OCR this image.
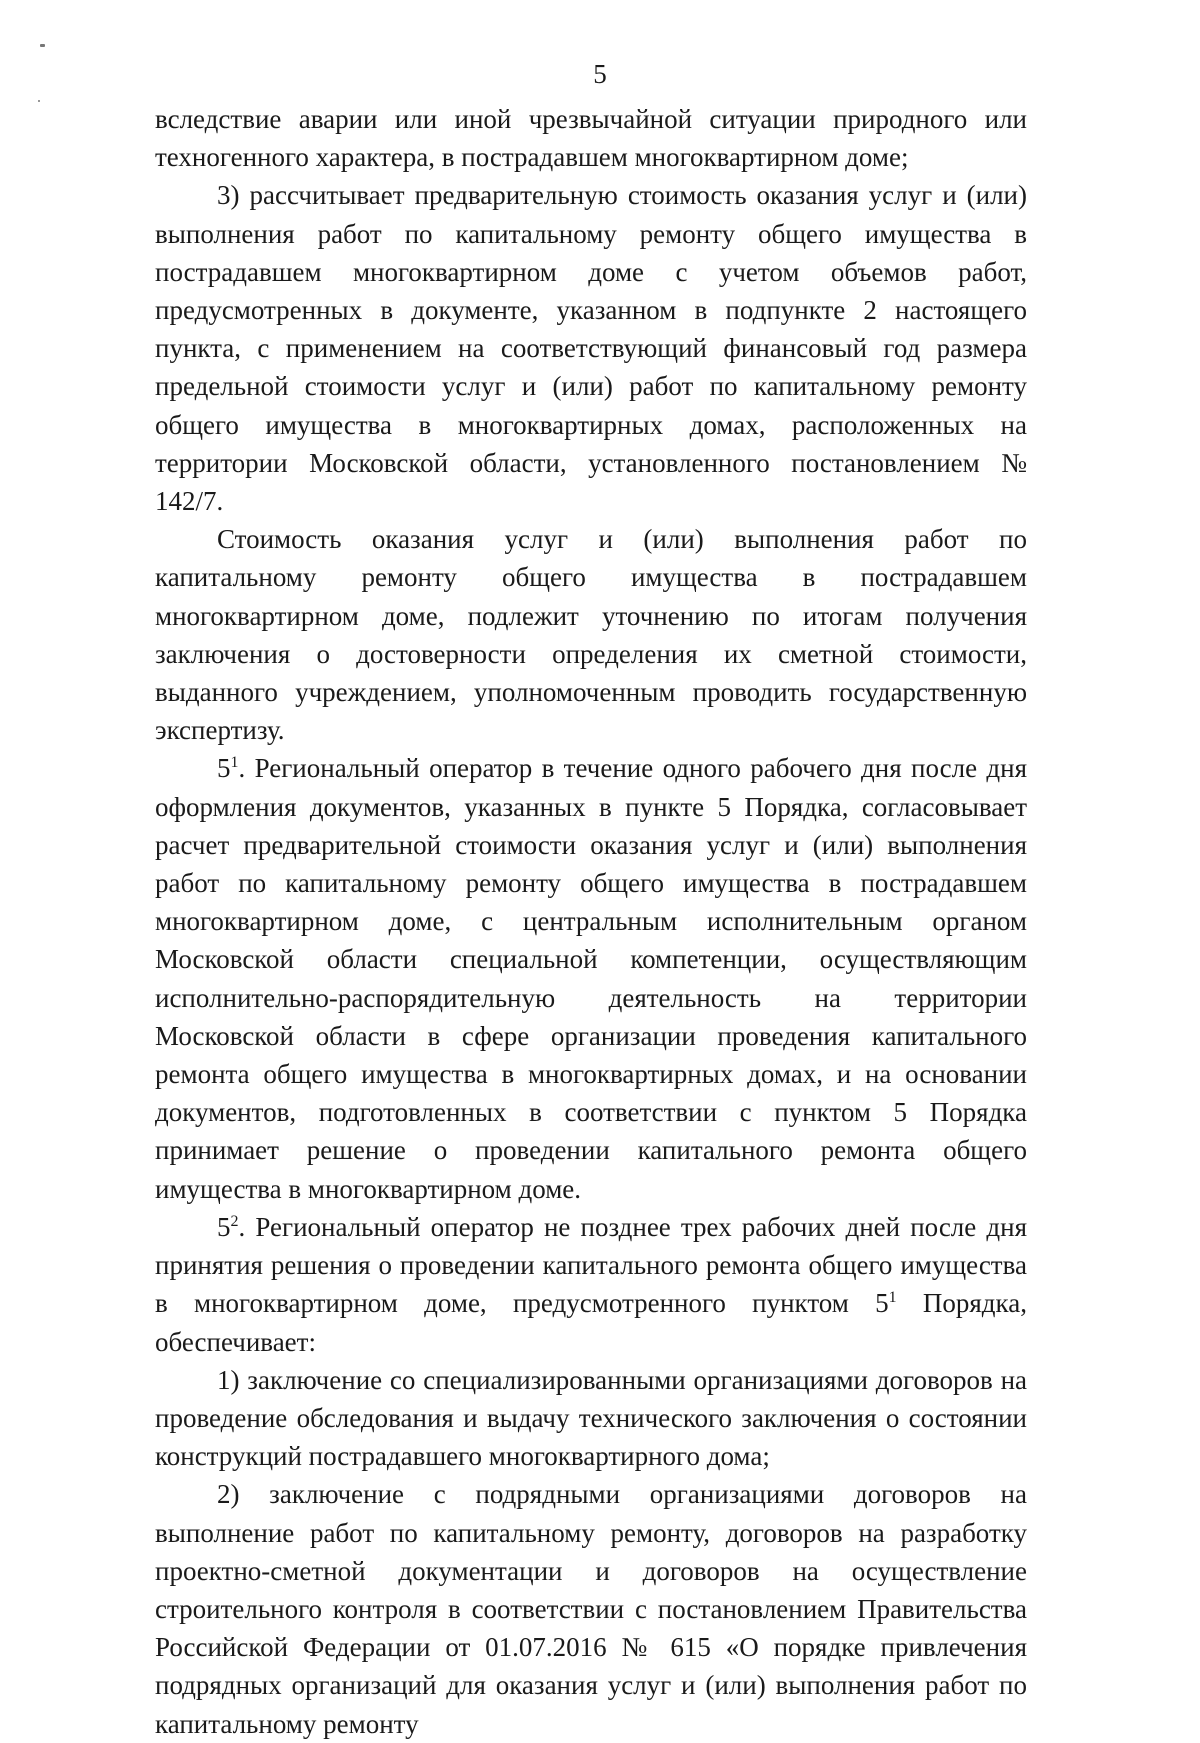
5

вследствие аварии или иной чрезвычайной ситуации природного или техногенного характера, в пострадавшем многоквартирном доме;

3) рассчитывает предварительную стоимость оказания услуг и (или) выполнения работ по капитальному ремонту общего имущества в пострадавшем многоквартирном доме с учетом объемов работ, предусмотренных в документе, указанном в подпункте 2 настоящего пункта, с применением на соответствующий финансовый год размера предельной стоимости услуг и (или) работ по капитальному ремонту общего имущества в многоквартирных домах, расположенных на территории Московской области, установленного постановлением № 142/7.

Стоимость оказания услуг и (или) выполнения работ по капитальному ремонту общего имущества в пострадавшем многоквартирном доме, подлежит уточнению по итогам получения заключения о достоверности определения их сметной стоимости, выданного учреждением, уполномоченным проводить государственную экспертизу.

$5^1$. Региональный оператор в течение одного рабочего дня после дня оформления документов, указанных в пункте 5 Порядка, согласовывает расчет предварительной стоимости оказания услуг и (или) выполнения работ по капитальному ремонту общего имущества в пострадавшем многоквартирном доме, с центральным исполнительным органом Московской области специальной компетенции, осуществляющим исполнительно-распорядительную деятельность на территории Московской области в сфере организации проведения капитального ремонта общего имущества в многоквартирных домах, и на основании документов, подготовленных в соответствии с пунктом 5 Порядка принимает решение о проведении капитального ремонта общего имущества в многоквартирном доме.

$5^2$. Региональный оператор не позднее трех рабочих дней после дня принятия решения о проведении капитального ремонта общего имущества в многоквартирном доме, предусмотренного пунктом $5^1$ Порядка, обеспечивает:

1) заключение со специализированными организациями договоров на проведение обследования и выдачу технического заключения о состоянии конструкций пострадавшего многоквартирного дома;

2) заключение с подрядными организациями договоров на выполнение работ по капитальному ремонту, договоров на разработку проектно-сметной документации и договоров на осуществление строительного контроля в соответствии с постановлением Правительства Российской Федерации от 01.07.2016 № 615 «О порядке привлечения подрядных организаций для оказания услуг и (или) выполнения работ по капитальному ремонту
